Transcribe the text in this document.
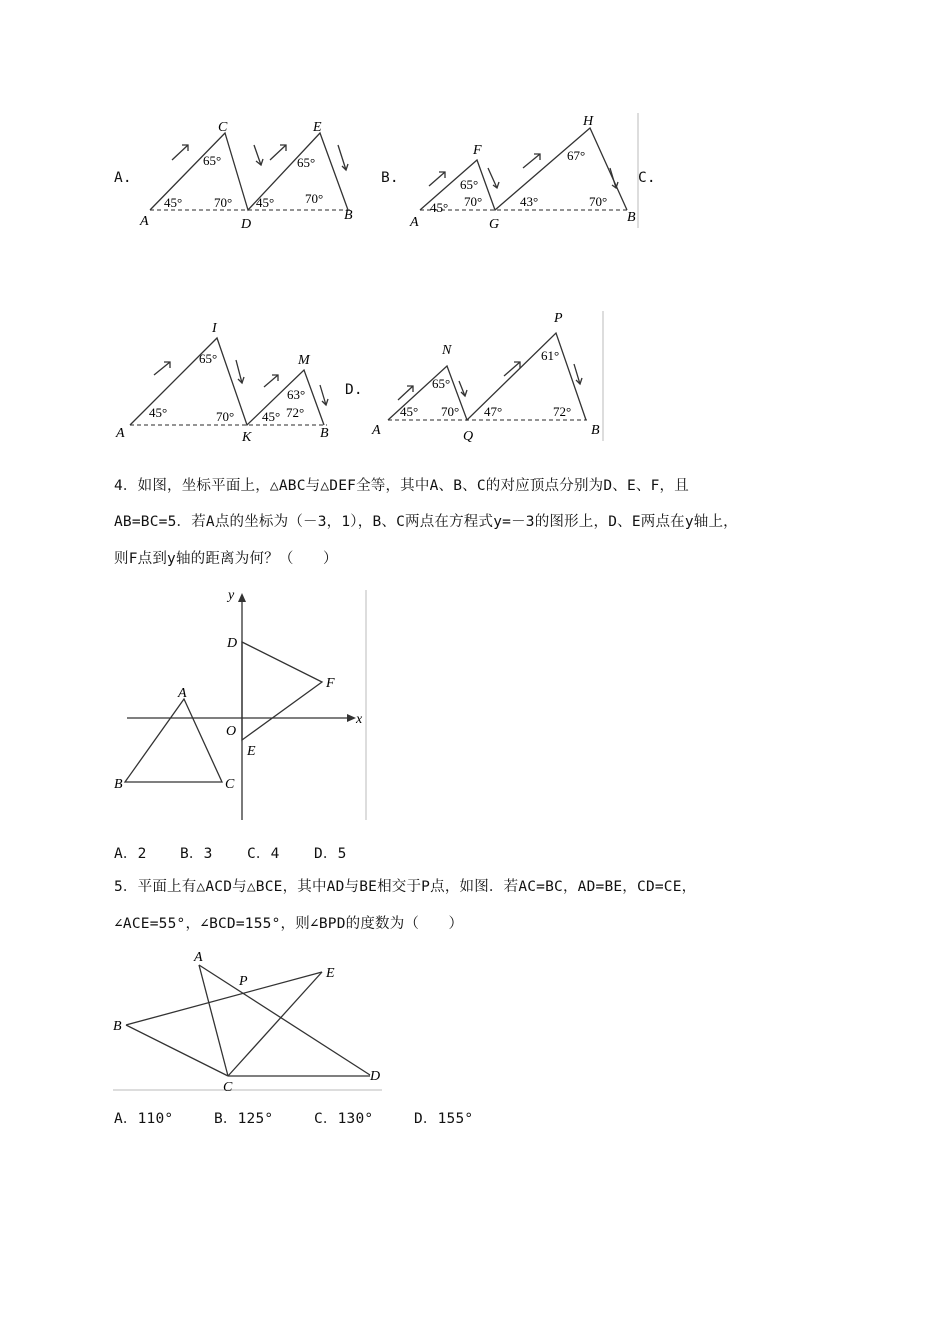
A.
C
A	D
E
B
45°
65°
70° 45°
65°
70°
B.
F
A	G
H
B
45°
65°
70°	43°
67°
70°
C.
I
A	K
M
B
45°
65°
70° 45°
63°
72°
D.
N
A	Q
P
B
45°
65°
70° 47°
61°
72°
4．如图，坐标平面上，△ABC与△DEF全等，其中A、B、C的对应顶点分别为D、E、F，且
AB=BC=5．若A点的坐标为（－3，1），B、C两点在方程式y=－3的图形上，D、E两点在y轴上，
则F点到y轴的距离为何？（　　）
y
x
O
A
B	C
D
E
F
A．2	B．3	C．4	D．5
5．平面上有△ACD与△BCE，其中AD与BE相交于P点，如图．若AC=BC，AD=BE，CD=CE，
∠ACE=55°，∠BCD=155°，则∠BPD的度数为（　　）
A
B
C
D
E
P
A．110°	B．125°	C．130°	D．155°
